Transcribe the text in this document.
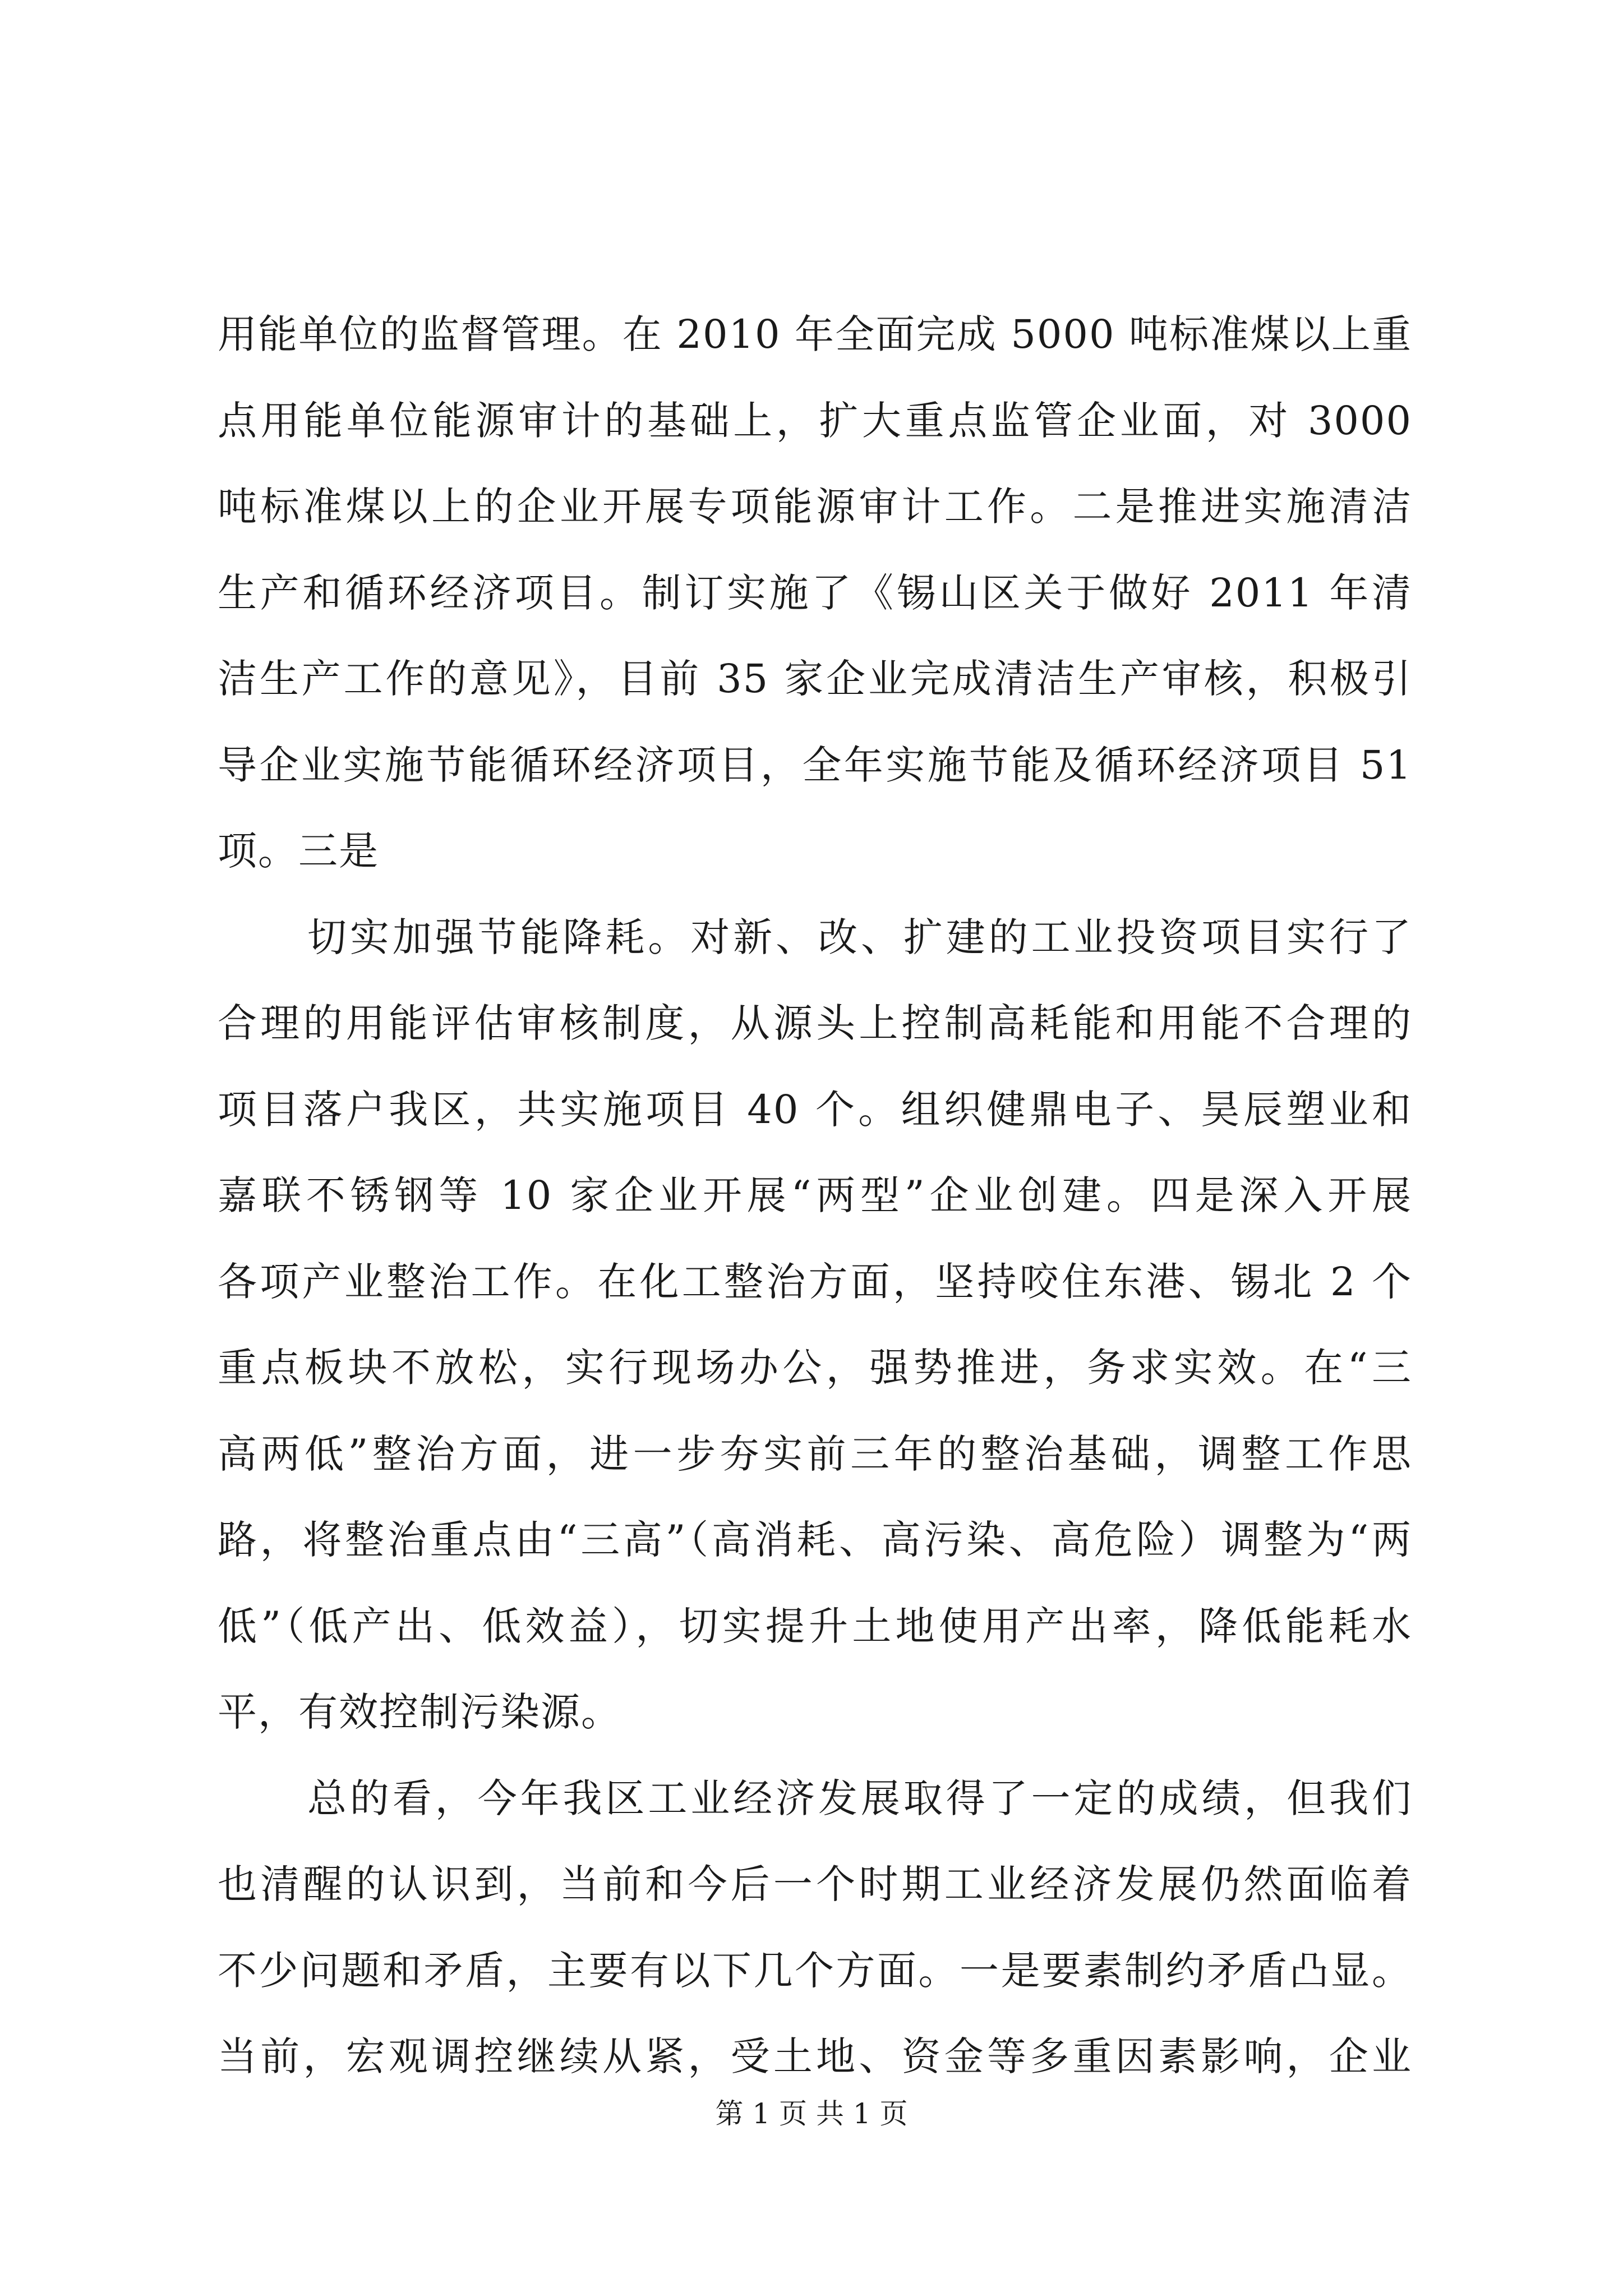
用能单位的监督管理。在 2010 年全面完成 5000 吨标准煤以上重
点用能单位能源审计的基础上，扩大重点监管企业面，对 3000
吨标准煤以上的企业开展专项能源审计工作。二是推进实施清洁
生产和循环经济项目。制订实施了《锡山区关于做好 2011 年清
洁生产工作的意见》，目前 35 家企业完成清洁生产审核，积极引
导企业实施节能循环经济项目，全年实施节能及循环经济项目 51
项。三是
切实加强节能降耗。对新、改、扩建的工业投资项目实行了
合理的用能评估审核制度，从源头上控制高耗能和用能不合理的
项目落户我区，共实施项目 40 个。组织健鼎电子、昊辰塑业和
嘉联不锈钢等 10 家企业开展“两型”企业创建。四是深入开展
各项产业整治工作。在化工整治方面，坚持咬住东港、锡北 2 个
重点板块不放松，实行现场办公，强势推进，务求实效。在“三
高两低”整治方面，进一步夯实前三年的整治基础，调整工作思
路，将整治重点由“三高”（高消耗、高污染、高危险）调整为“两
低”（低产出、低效益），切实提升土地使用产出率，降低能耗水
平，有效控制污染源。
总的看，今年我区工业经济发展取得了一定的成绩，但我们
也清醒的认识到，当前和今后一个时期工业经济发展仍然面临着
不少问题和矛盾，主要有以下几个方面。一是要素制约矛盾凸显。
当前，宏观调控继续从紧，受土地、资金等多重因素影响，企业
第 1 页 共 1 页
